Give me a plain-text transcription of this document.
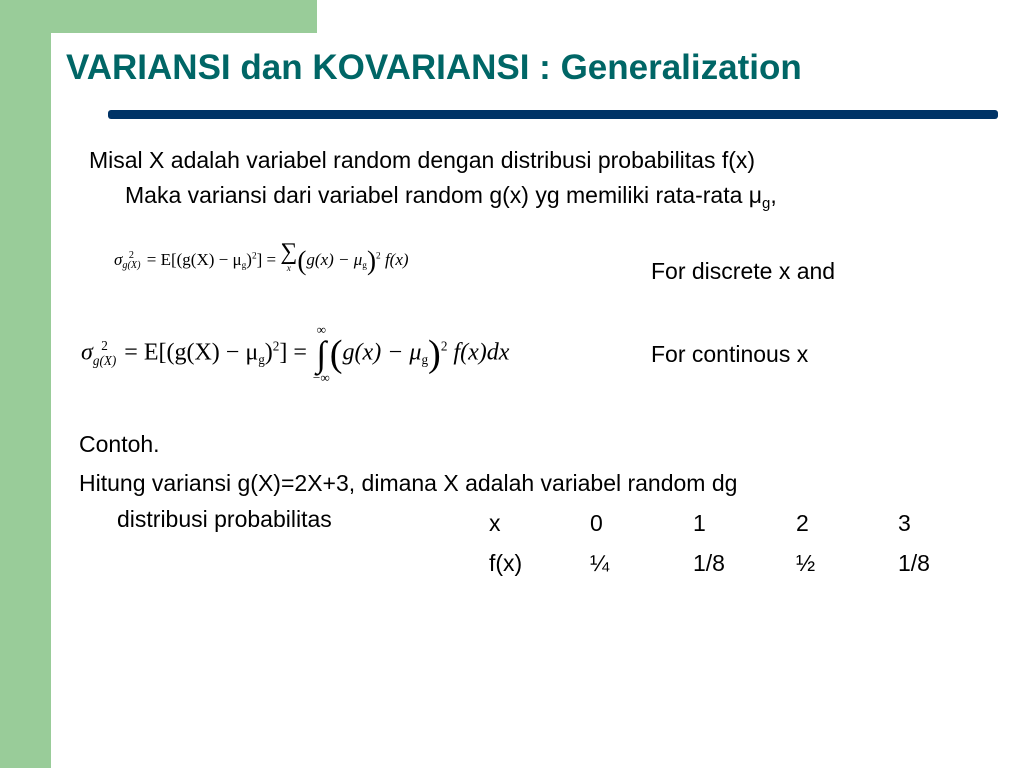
VARIANSI dan KOVARIANSI : Generalization
Misal X adalah variabel random dengan distribusi probabilitas f(x)
Maka variansi dari variabel random g(x) yg memiliki rata-rata $\mu_g$,
σ 2
$g(X) = E[(g(X) - \mu_g)^2]$ = ∑
x $(g(x) - \mu_g)^2$ f(x)	For discrete x and
σ 2
$g(X) = E[(g(X) - \mu_g)^2]$ =
∞
∫
−∞
$(g(x) - \mu_g)^2$ f(x)dx	For continous x
Contoh.
Hitung variansi g(X)=2X+3, dimana X adalah variabel random dg
distribusi probabilitas	x	0	1	2	3
f(x)	¼	1/8	½	1/8
